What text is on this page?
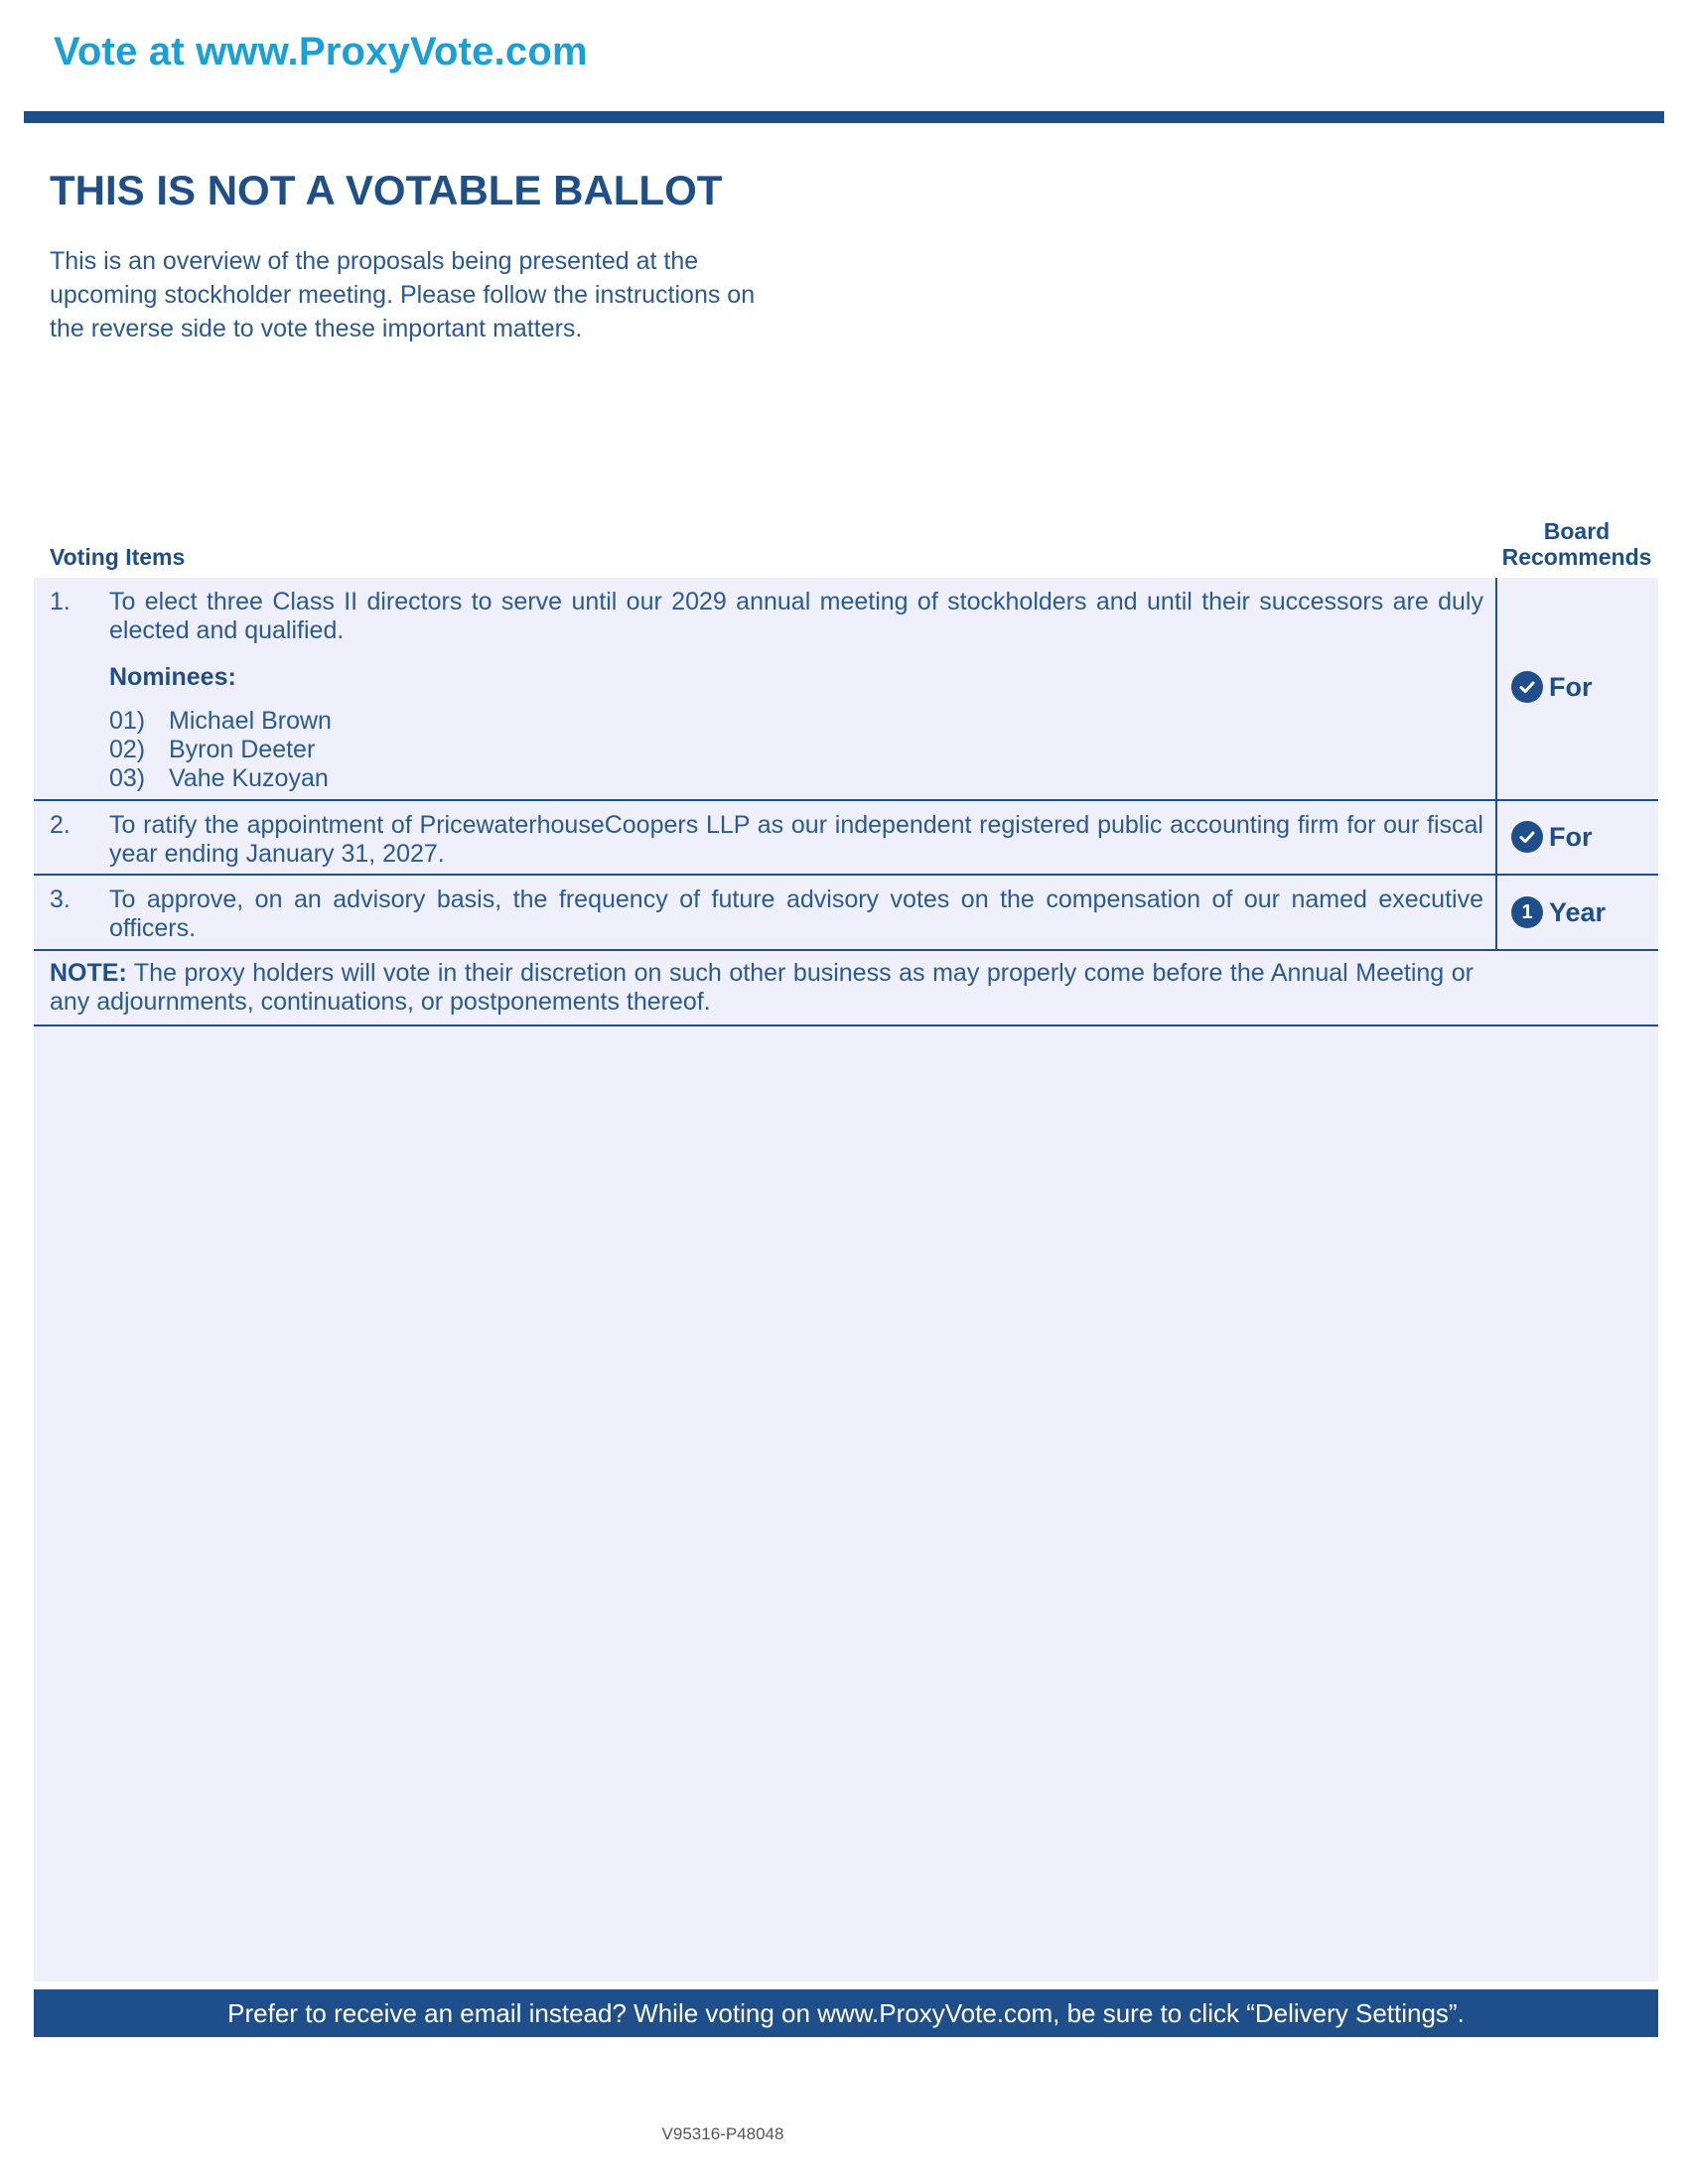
Vote at www.ProxyVote.com
THIS IS NOT A VOTABLE BALLOT
This is an overview of the proposals being presented at the
upcoming stockholder meeting. Please follow the instructions on
the reverse side to vote these important matters.
Voting Items
Board
Recommends
1. To elect three Class II directors to serve until our 2029 annual meeting of stockholders and until their successors are duly elected and qualified.
Nominees:
01) Michael Brown
02) Byron Deeter
03) Vahe Kuzoyan
For
2. To ratify the appointment of PricewaterhouseCoopers LLP as our independent registered public accounting firm for our fiscal year ending January 31, 2027.
For
3. To approve, on an advisory basis, the frequency of future advisory votes on the compensation of our named executive officers.
1 Year
NOTE: The proxy holders will vote in their discretion on such other business as may properly come before the Annual Meeting or any adjournments, continuations, or postponements thereof.
Prefer to receive an email instead? While voting on www.ProxyVote.com, be sure to click “Delivery Settings”.
V95316-P48048
